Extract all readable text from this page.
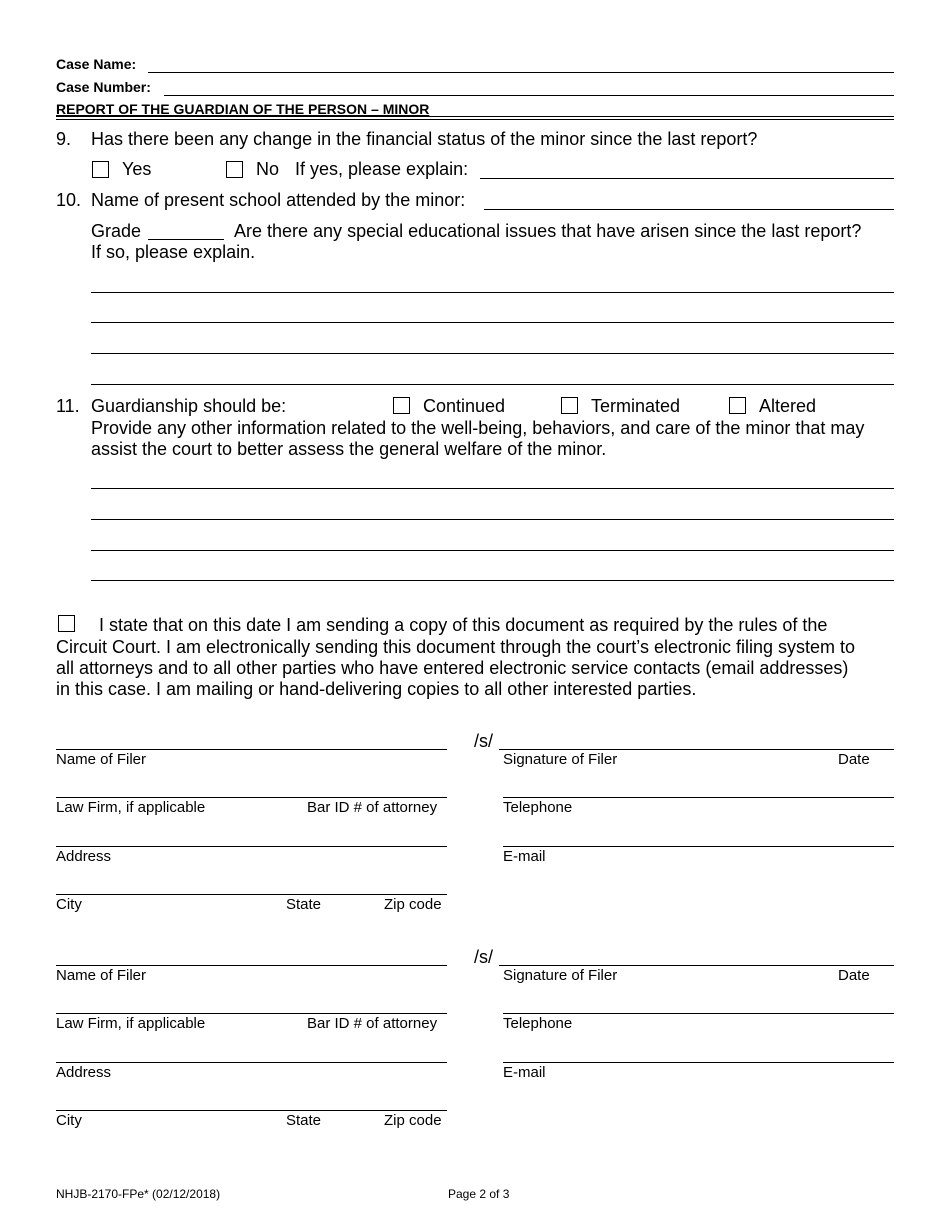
Case Name:
Case Number:
REPORT OF THE GUARDIAN OF THE PERSON – MINOR
9. Has there been any change in the financial status of the minor since the last report?
Yes	No If yes, please explain:
10. Name of present school attended by the minor:
Grade	Are there any special educational issues that have arisen since the last report?
If so, please explain.
11. Guardianship should be:	Continued	Terminated	Altered
Provide any other information related to the well-being, behaviors, and care of the minor that may
assist the court to better assess the general welfare of the minor.
I state that on this date I am sending a copy of this document as required by the rules of the
Circuit Court. I am electronically sending this document through the court’s electronic filing system to
all attorneys and to all other parties who have entered electronic service contacts (email addresses)
in this case. I am mailing or hand-delivering copies to all other interested parties.
Name of Filer
/s/
Signature of Filer	Date
Law Firm, if applicable	Bar ID # of attorney	Telephone
Address	E-mail
City	State	Zip code
Name of Filer
/s/
Signature of Filer	Date
Law Firm, if applicable	Bar ID # of attorney	Telephone
Address	E-mail
City	State	Zip code
NHJB-2170-FPe* (02/12/2018)	Page 2 of 3
